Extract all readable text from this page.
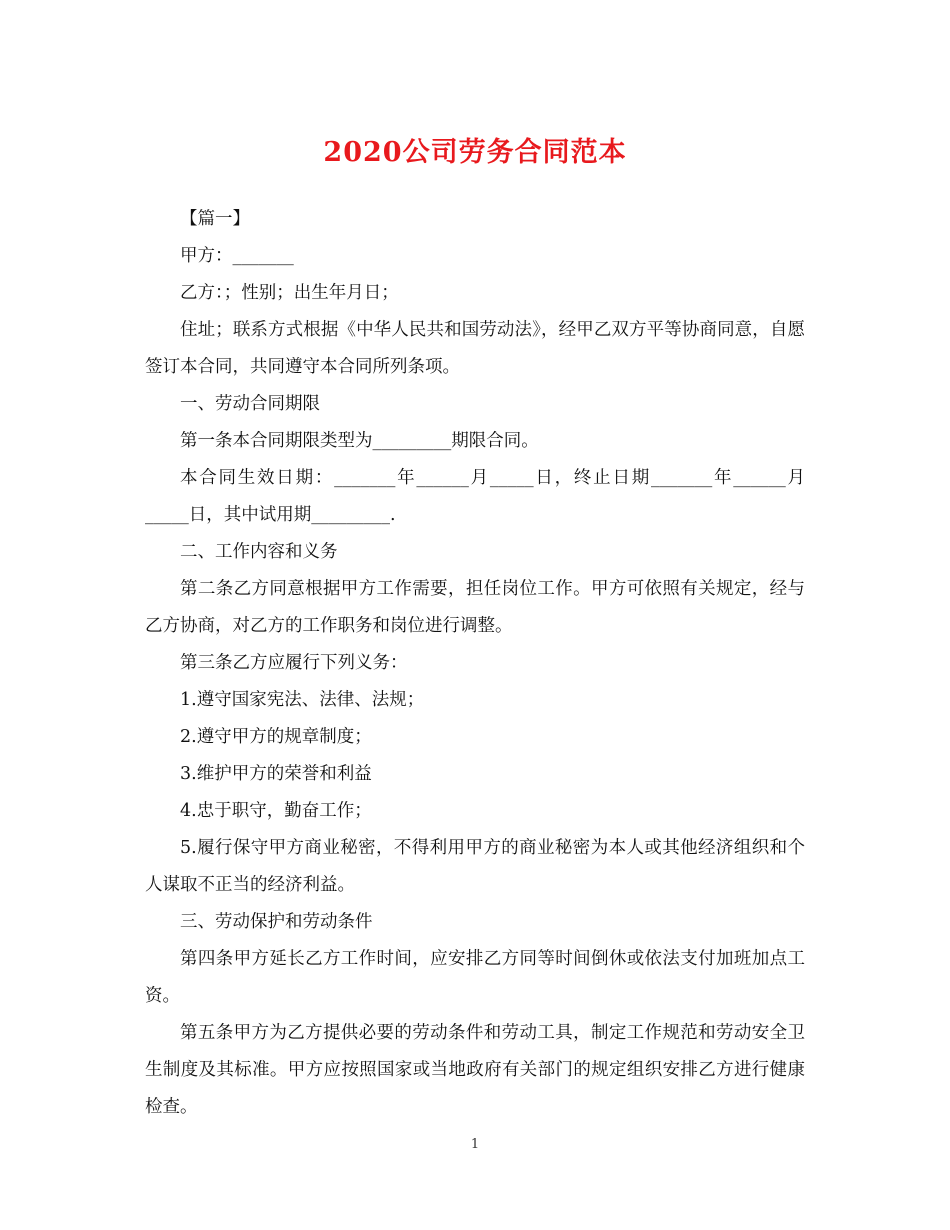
2020公司劳务合同范本

【篇一】

甲方：_______

乙方：；性别；出生年月日；

住址；联系方式根据《中华人民共和国劳动法》，经甲乙双方平等协商同意，自愿签订本合同，共同遵守本合同所列条项。

一、劳动合同期限

第一条本合同期限类型为_________期限合同。

本合同生效日期：_______年______月_____日，终止日期_______年______月_____日，其中试用期_________.

二、工作内容和义务

第二条乙方同意根据甲方工作需要，担任岗位工作。甲方可依照有关规定，经与乙方协商，对乙方的工作职务和岗位进行调整。

第三条乙方应履行下列义务：

1.遵守国家宪法、法律、法规；

2.遵守甲方的规章制度；

3.维护甲方的荣誉和利益

4.忠于职守，勤奋工作；

5.履行保守甲方商业秘密，不得利用甲方的商业秘密为本人或其他经济组织和个人谋取不正当的经济利益。

三、劳动保护和劳动条件

第四条甲方延长乙方工作时间，应安排乙方同等时间倒休或依法支付加班加点工资。

第五条甲方为乙方提供必要的劳动条件和劳动工具，制定工作规范和劳动安全卫生制度及其标准。甲方应按照国家或当地政府有关部门的规定组织安排乙方进行健康检查。

1
